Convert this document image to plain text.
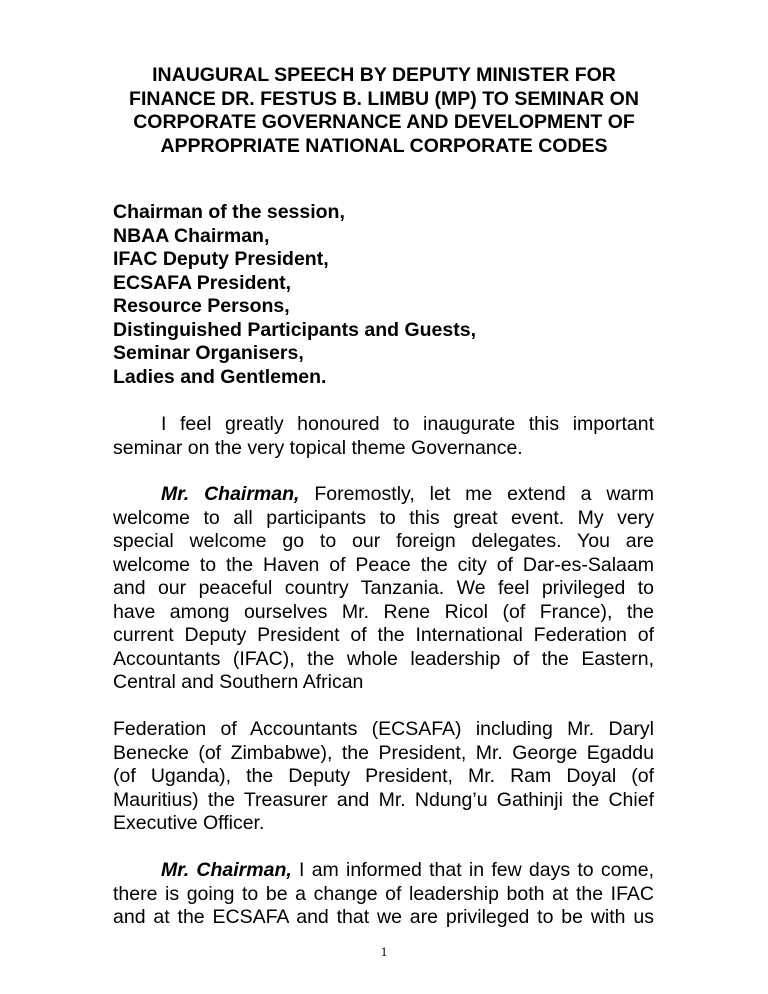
INAUGURAL SPEECH BY DEPUTY MINISTER FOR
FINANCE DR. FESTUS B. LIMBU (MP) TO SEMINAR ON
CORPORATE GOVERNANCE AND DEVELOPMENT OF
APPROPRIATE NATIONAL CORPORATE CODES
Chairman of the session,
NBAA Chairman,
IFAC Deputy President,
ECSAFA President,
Resource Persons,
Distinguished Participants and Guests,
Seminar Organisers,
Ladies and Gentlemen.
I feel greatly honoured to inaugurate this important
seminar on the very topical theme Governance.
Mr. Chairman, Foremostly, let me extend a warm
welcome to all participants to this great event. My very
special welcome go to our foreign delegates. You are
welcome to the Haven of Peace the city of Dar-es-Salaam
and our peaceful country Tanzania. We feel privileged to
have among ourselves Mr. Rene Ricol (of France), the
current Deputy President of the International Federation of
Accountants (IFAC), the whole leadership of the Eastern,
Central and Southern African
Federation of Accountants (ECSAFA) including Mr. Daryl
Benecke (of Zimbabwe), the President, Mr. George Egaddu
(of Uganda), the Deputy President, Mr. Ram Doyal (of
Mauritius) the Treasurer and Mr. Ndung’u Gathinji the Chief
Executive Officer.
Mr. Chairman, I am informed that in few days to come,
there is going to be a change of leadership both at the IFAC
and at the ECSAFA and that we are privileged to be with us
1
